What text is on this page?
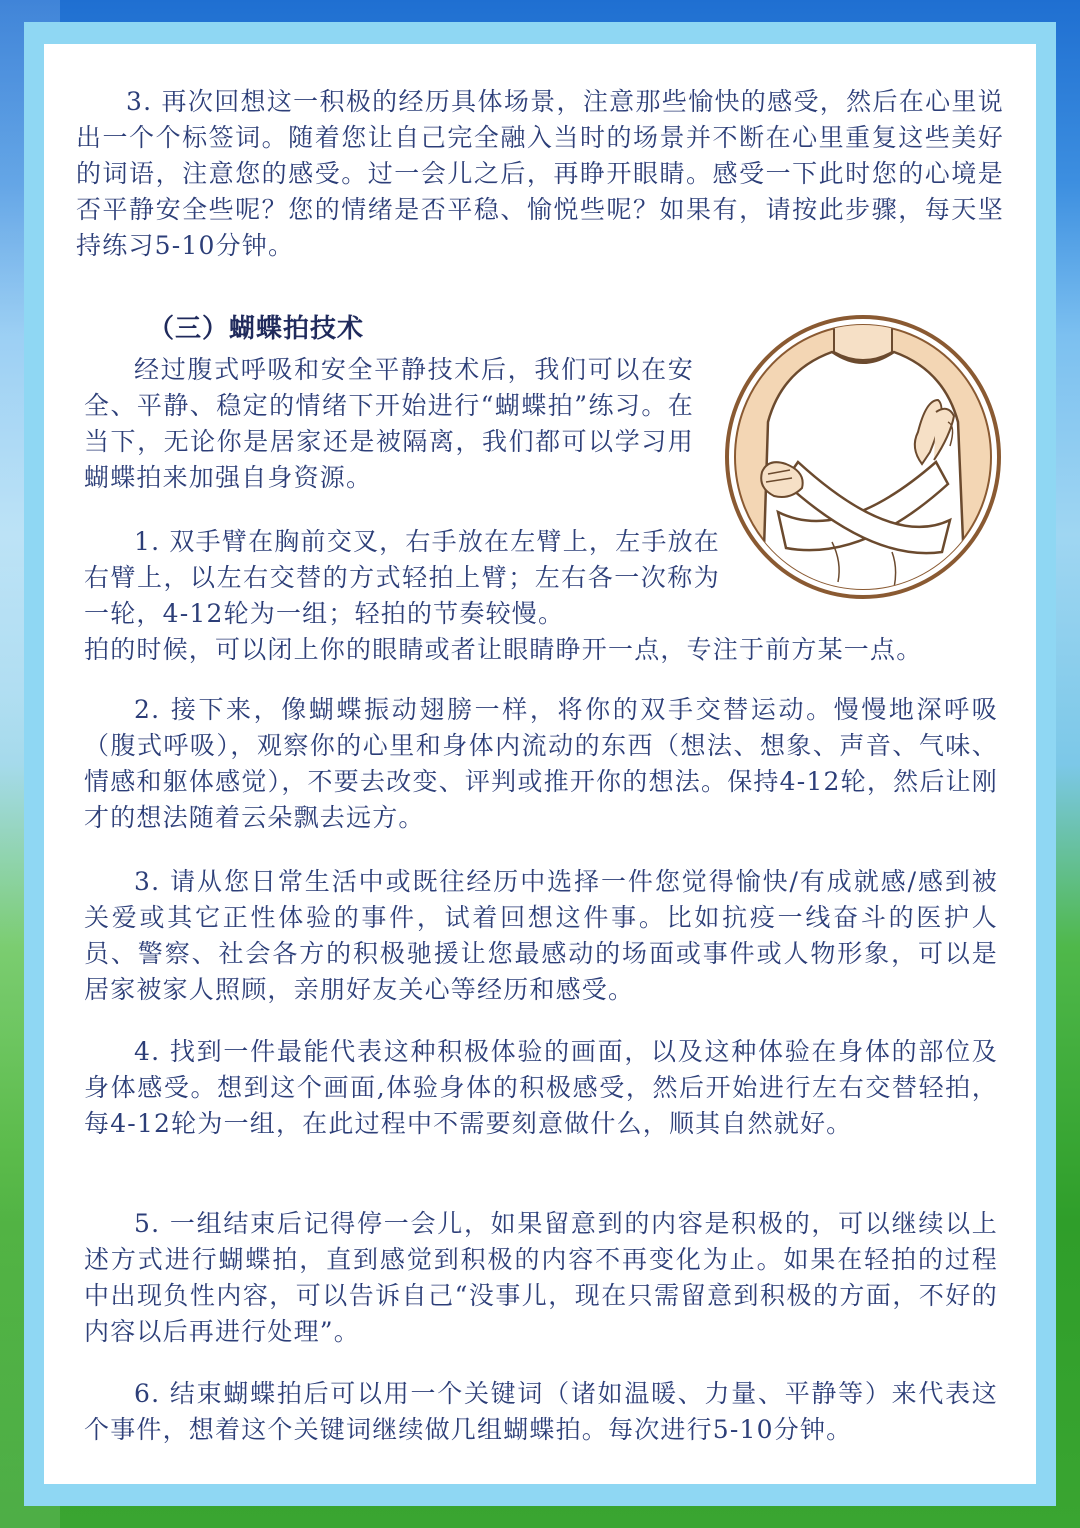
3. 再次回想这一积极的经历具体场景，注意那些愉快的感受，然后在心里说出一个个标签词。随着您让自己完全融入当时的场景并不断在心里重复这些美好的词语，注意您的感受。过一会儿之后，再睁开眼睛。感受一下此时您的心境是否平静安全些呢？您的情绪是否平稳、愉悦些呢？如果有，请按此步骤，每天坚持练习5-10分钟。
（三）蝴蝶拍技术
经过腹式呼吸和安全平静技术后，我们可以在安全、平静、稳定的情绪下开始进行“蝴蝶拍”练习。在当下，无论你是居家还是被隔离，我们都可以学习用蝴蝶拍来加强自身资源。
1. 双手臂在胸前交叉，右手放在左臂上，左手放在右臂上，以左右交替的方式轻拍上臂；左右各一次称为一轮，4-12轮为一组；轻拍的节奏较慢。
拍的时候，可以闭上你的眼睛或者让眼睛睁开一点，专注于前方某一点。
2. 接下来，像蝴蝶振动翅膀一样，将你的双手交替运动。慢慢地深呼吸（腹式呼吸），观察你的心里和身体内流动的东西（想法、想象、声音、气味、情感和躯体感觉），不要去改变、评判或推开你的想法。保持4-12轮，然后让刚才的想法随着云朵飘去远方。
3. 请从您日常生活中或既往经历中选择一件您觉得愉快/有成就感/感到被关爱或其它正性体验的事件，试着回想这件事。比如抗疫一线奋斗的医护人员、警察、社会各方的积极驰援让您最感动的场面或事件或人物形象，可以是居家被家人照顾，亲朋好友关心等经历和感受。
4. 找到一件最能代表这种积极体验的画面，以及这种体验在身体的部位及身体感受。想到这个画面,体验身体的积极感受，然后开始进行左右交替轻拍，每4-12轮为一组，在此过程中不需要刻意做什么，顺其自然就好。
5. 一组结束后记得停一会儿，如果留意到的内容是积极的，可以继续以上述方式进行蝴蝶拍，直到感觉到积极的内容不再变化为止。如果在轻拍的过程中出现负性内容，可以告诉自己“没事儿，现在只需留意到积极的方面，不好的内容以后再进行处理”。
6. 结束蝴蝶拍后可以用一个关键词（诸如温暖、力量、平静等）来代表这个事件，想着这个关键词继续做几组蝴蝶拍。每次进行5-10分钟。
